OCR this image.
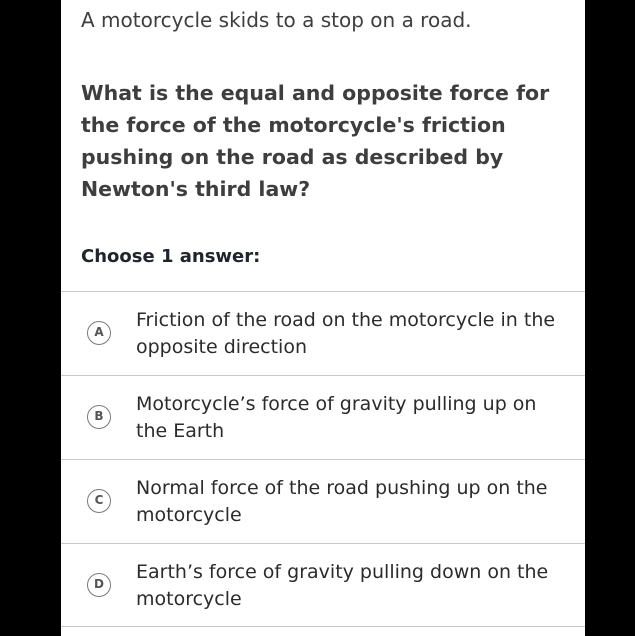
A motorcycle skids to a stop on a road.
What is the equal and opposite force for the force of the motorcycle's friction pushing on the road as described by Newton's third law?
Choose 1 answer:
A
Friction of the road on the motorcycle in the opposite direction
B
Motorcycle’s force of gravity pulling up on the Earth
C
Normal force of the road pushing up on the motorcycle
D
Earth’s force of gravity pulling down on the motorcycle
